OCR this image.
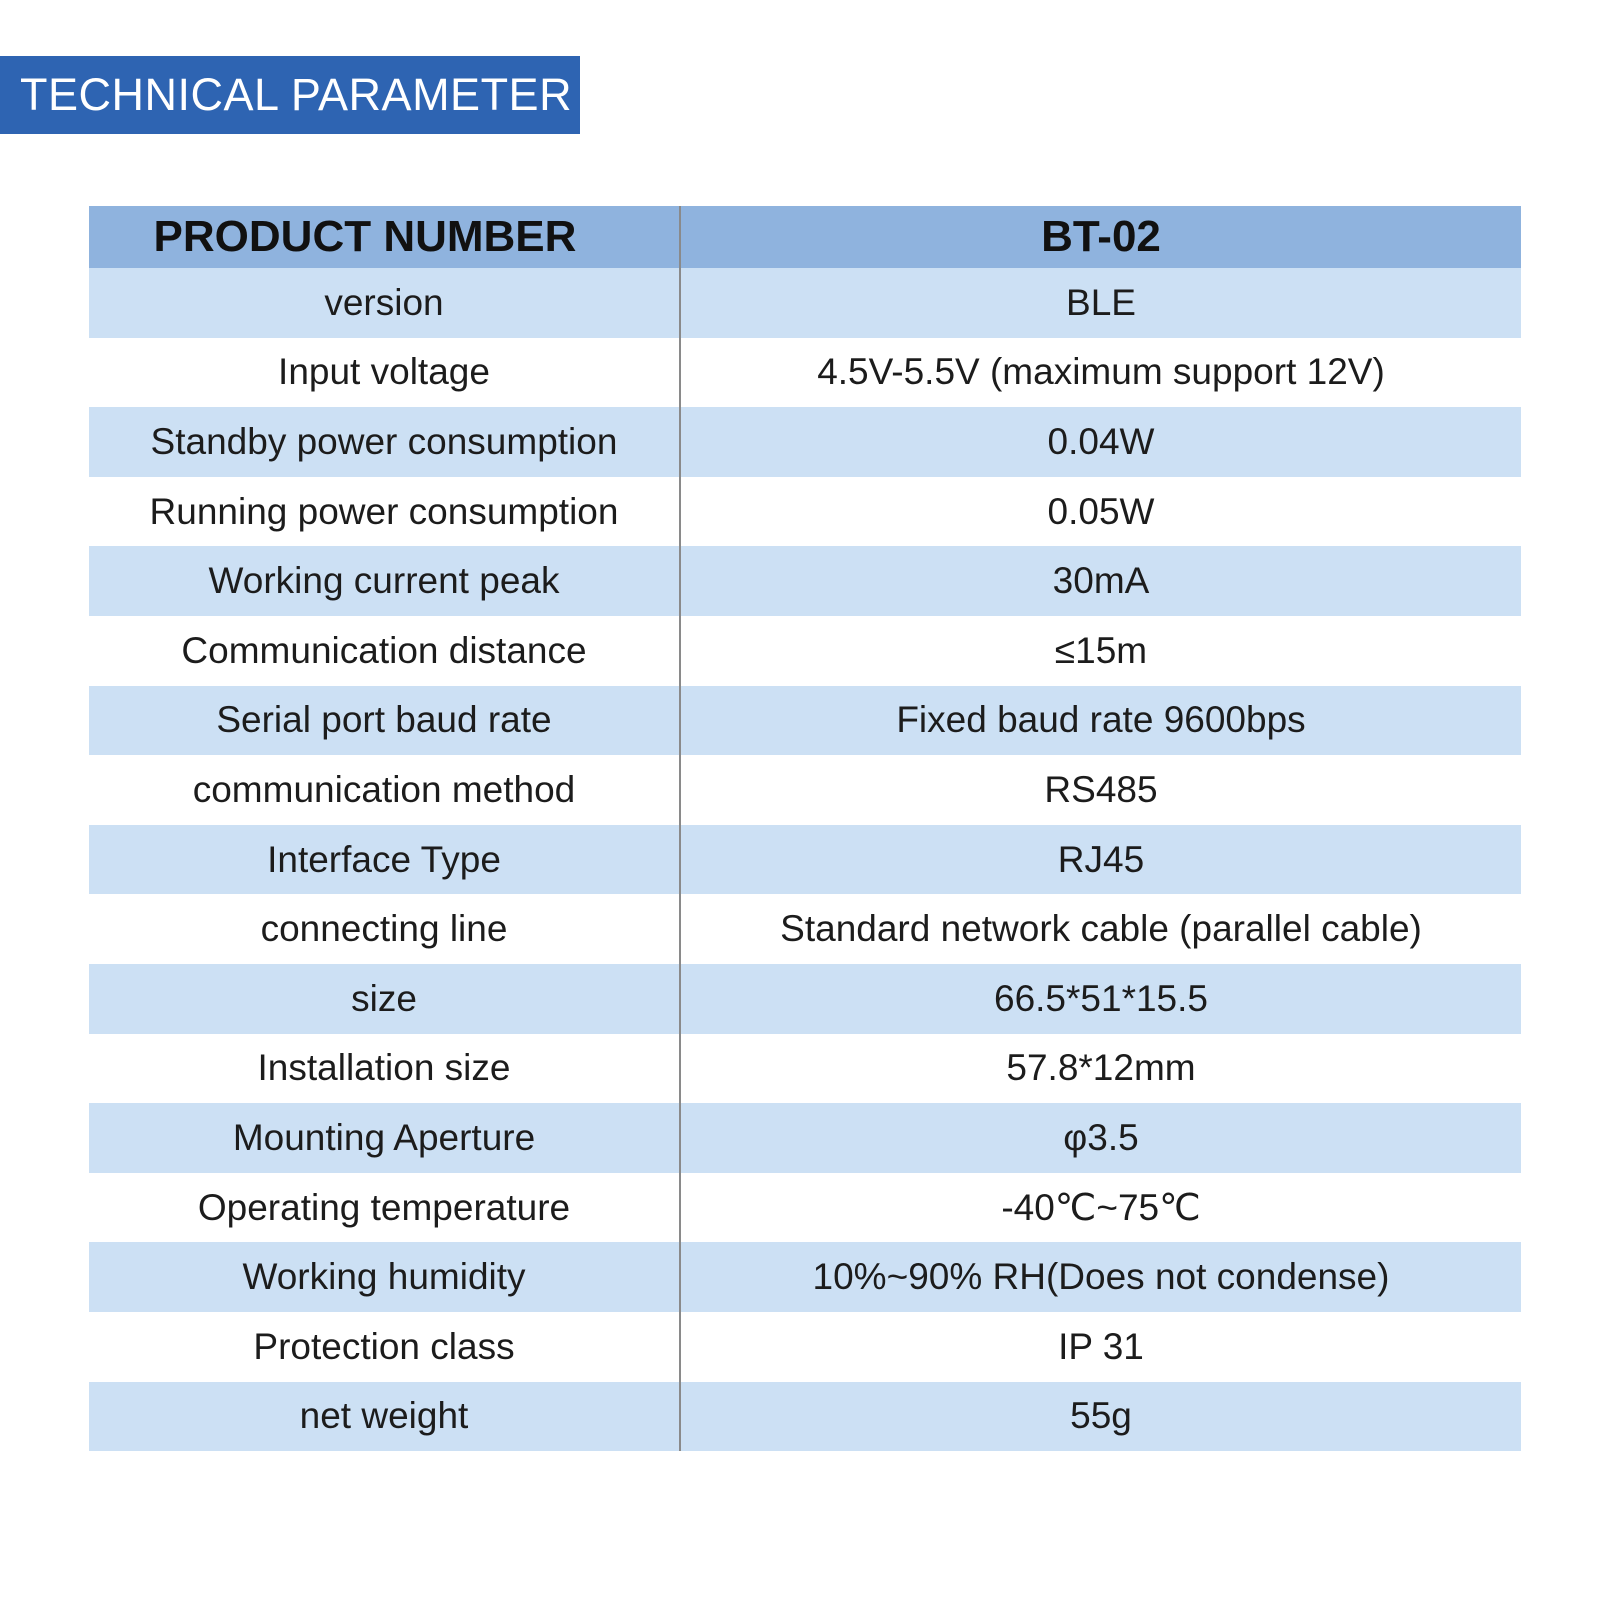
TECHNICAL PARAMETER
PRODUCT NUMBER	BT-02
version	BLE
Input voltage	4.5V-5.5V (maximum support 12V)
Standby power consumption	0.04W
Running power consumption	0.05W
Working current peak	30mA
Communication distance	≤15m
Serial port baud rate	Fixed baud rate 9600bps
communication method	RS485
Interface Type	RJ45
connecting line	Standard network cable (parallel cable)
size	66.5*51*15.5
Installation size	57.8*12mm
Mounting Aperture	φ3.5
Operating temperature	-40℃~75℃
Working humidity	10%~90% RH(Does not condense)
Protection class	IP 31
net weight	55g
